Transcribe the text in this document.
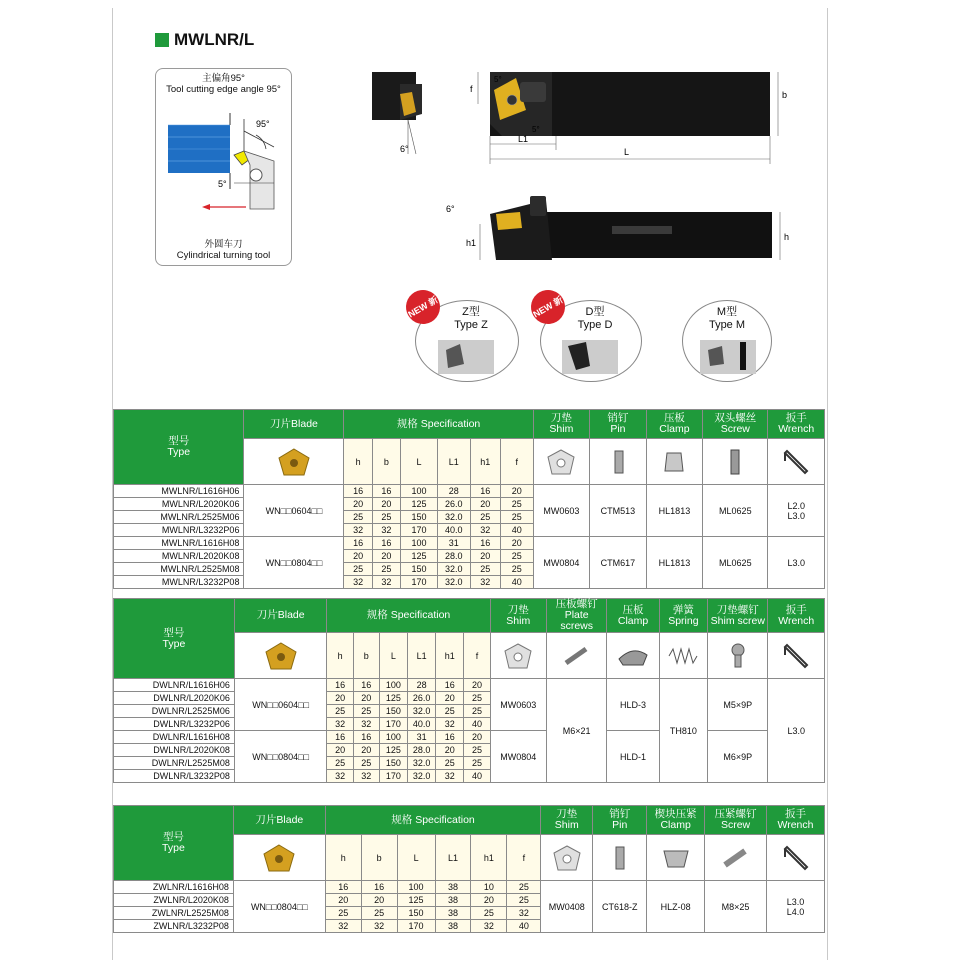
MWLNR/L
主偏角95°
Tool cutting edge angle 95°
95°
5°
外圆车刀
Cylindrical turning tool
6°
L1
L
b
f
5°
5°
h1
h
6°
NEW 新	Z型
Type Z
NEW 新	D型
Type D
M型
Type M
型号
Type	刀片Blade	规格 Specification						刀垫
Shim	销钉
Pin	压板
Clamp	双头螺丝
Screw	扳手
Wrench
	h	b	L	L1	h1	f					
MWLNR/L1616H06	WN□□0604□□	16	16	100	28	16	20	MW0603	CTM513	HL1813	ML0625	L2.0
L3.0
MWLNR/L2020K06		20	20	125	26.0	20	25					
MWLNR/L2525M06		25	25	150	32.0	25	25					
MWLNR/L3232P06		32	32	170	40.0	32	40					
MWLNR/L1616H08	WN□□0804□□	16	16	100	31	16	20	MW0804	CTM617	HL1813	ML0625	L3.0
MWLNR/L2020K08		20	20	125	28.0	20	25					
MWLNR/L2525M08		25	25	150	32.0	25	25					
MWLNR/L3232P08		32	32	170	32.0	32	40					
型号
Type	刀片Blade	规格 Specification						刀垫
Shim	压板螺钉
Plate screws	压板
Clamp	弹簧
Spring	刀垫螺钉
Shim screw	扳手
Wrench
	h	b	L	L1	h1	f						
DWLNR/L1616H06	WN□□0604□□	16	16	100	28	16	20	MW0603	M6×21	HLD-3	TH810	M5×9P	L3.0
DWLNR/L2020K06		20	20	125	26.0	20	25						
DWLNR/L2525M06		25	25	150	32.0	25	25						
DWLNR/L3232P06		32	32	170	40.0	32	40						
DWLNR/L1616H08	WN□□0804□□	16	16	100	31	16	20	MW0804		HLD-1		M6×9P	
DWLNR/L2020K08		20	20	125	28.0	20	25						
DWLNR/L2525M08		25	25	150	32.0	25	25						
DWLNR/L3232P08		32	32	170	32.0	32	40						
型号
Type	刀片Blade	规格 Specification						刀垫
Shim	销钉
Pin	楔块压紧
Clamp	压紧螺钉
Screw	扳手
Wrench
	h	b	L	L1	h1	f					
ZWLNR/L1616H08	WN□□0804□□	16	16	100	38	10	25	MW0408	CT618-Z	HLZ-08	M8×25	L3.0
L4.0
ZWLNR/L2020K08		20	20	125	38	20	25					
ZWLNR/L2525M08		25	25	150	38	25	32					
ZWLNR/L3232P08		32	32	170	38	32	40					
